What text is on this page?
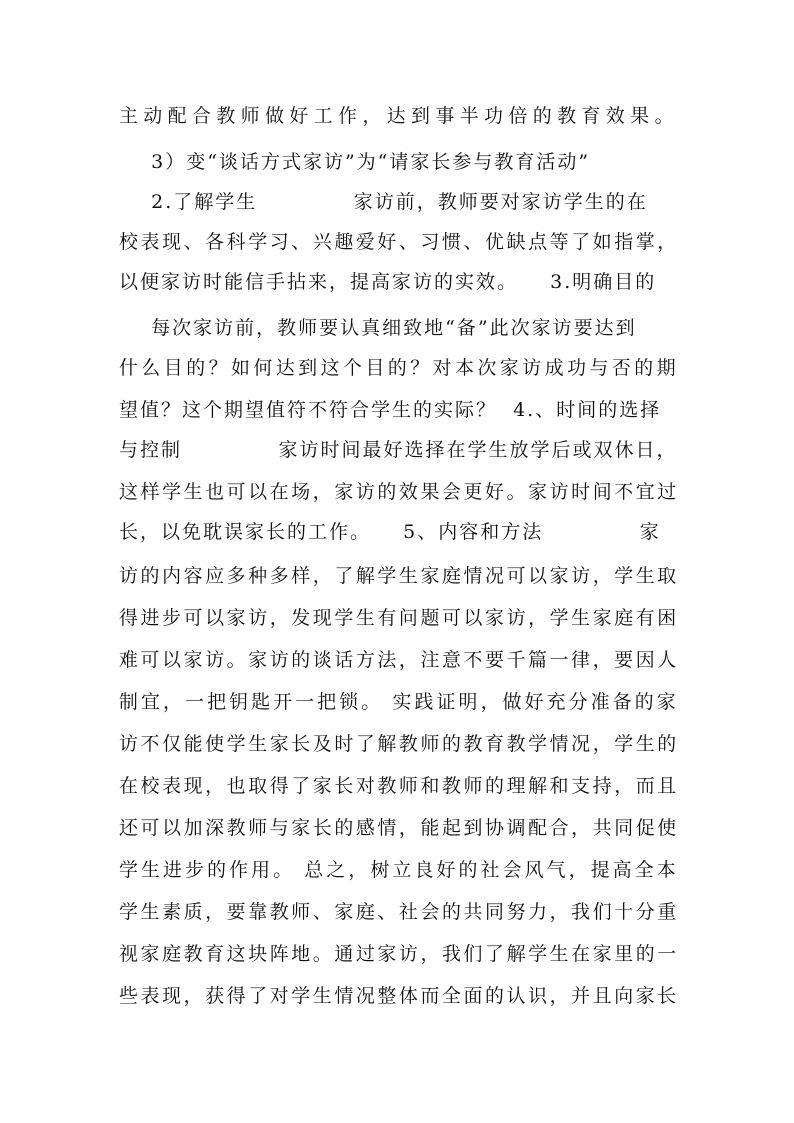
主动配合教师做好工作，达到事半功倍的教育效果。
3）变“谈话方式家访”为“请家长参与教育活动”
2.了解学生            家访前，教师要对家访学生的在
校表现、各科学习、兴趣爱好、习惯、优缺点等了如指掌，
以便家访时能信手拈来，提高家访的实效。    3.明确目的
每次家访前，教师要认真细致地“备”此次家访要达到
什么目的？如何达到这个目的？对本次家访成功与否的期
望值？这个期望值符不符合学生的实际？  4.、时间的选择
与控制            家访时间最好选择在学生放学后或双休日，
这样学生也可以在场，家访的效果会更好。家访时间不宜过
长，以免耽误家长的工作。    5、内容和方法            家
访的内容应多种多样，了解学生家庭情况可以家访，学生取
得进步可以家访，发现学生有问题可以家访，学生家庭有困
难可以家访。家访的谈话方法，注意不要千篇一律，要因人
制宜，一把钥匙开一把锁。 实践证明，做好充分准备的家
访不仅能使学生家长及时了解教师的教育教学情况，学生的
在校表现，也取得了家长对教师和教师的理解和支持，而且
还可以加深教师与家长的感情，能起到协调配合，共同促使
学生进步的作用。 总之，树立良好的社会风气，提高全本
学生素质，要靠教师、家庭、社会的共同努力，我们十分重
视家庭教育这块阵地。通过家访，我们了解学生在家里的一
些表现，获得了对学生情况整体而全面的认识，并且向家长
